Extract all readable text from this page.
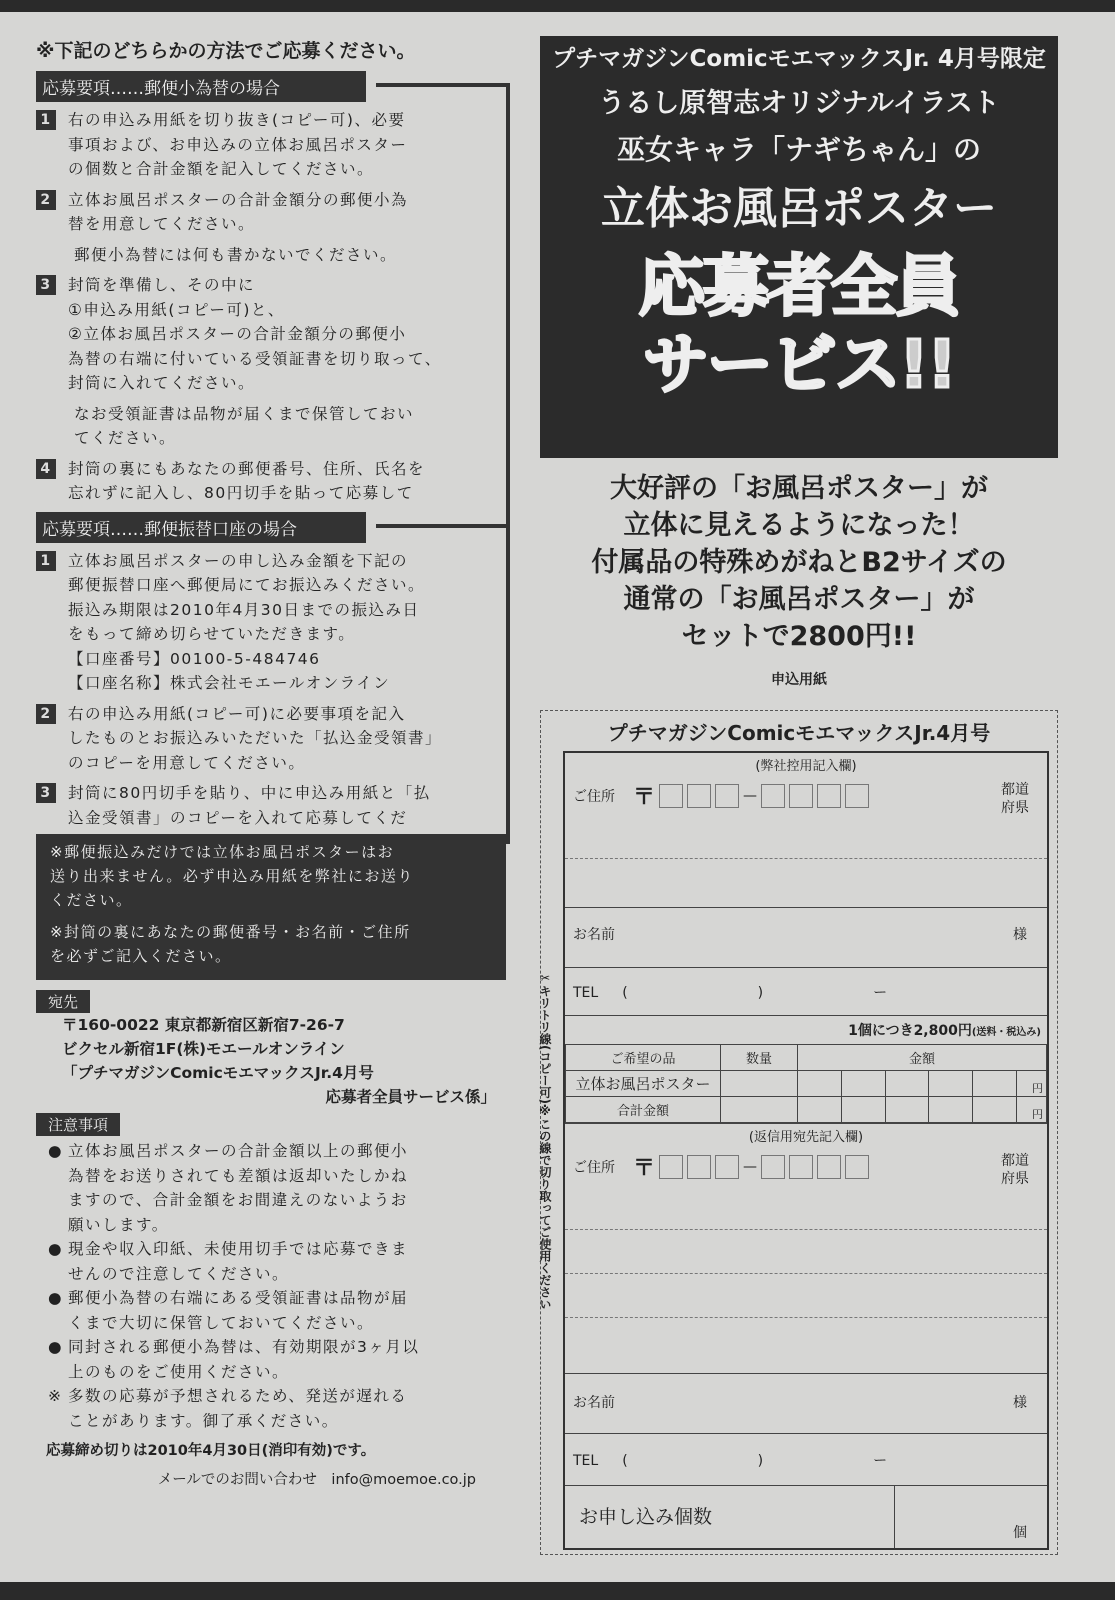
※下記のどちらかの方法でご応募ください。
応募要項……郵便小為替の場合
1 右の申込み用紙を切り抜き(コピー可)、必要
事項および、お申込みの立体お風呂ポスター
の個数と合計金額を記入してください。
2 立体お風呂ポスターの合計金額分の郵便小為
替を用意してください。
郵便小為替には何も書かないでください。
3 封筒を準備し、その中に
①申込み用紙(コピー可)と、
②立体お風呂ポスターの合計金額分の郵便小
為替の右端に付いている受領証書を切り取って、
封筒に入れてください。
なお受領証書は品物が届くまで保管しておい
てください。
4 封筒の裏にもあなたの郵便番号、住所、氏名を
忘れずに記入し、80円切手を貼って応募して
応募要項……郵便振替口座の場合
1 立体お風呂ポスターの申し込み金額を下記の
郵便振替口座へ郵便局にてお振込みください。
振込み期限は2010年4月30日までの振込み日
をもって締め切らせていただきます。
【口座番号】00100-5-484746
【口座名称】株式会社モエールオンライン
2 右の申込み用紙(コピー可)に必要事項を記入
したものとお振込みいただいた「払込金受領書」
のコピーを用意してください。
3 封筒に80円切手を貼り、中に申込み用紙と「払
込金受領書」のコピーを入れて応募してくだ

※郵便振込みだけでは立体お風呂ポスターはお
送り出来ません。必ず申込み用紙を弊社にお送り
ください。

※封筒の裏にあなたの郵便番号・お名前・ご住所
を必ずご記入ください。

宛先
〒160-0022 東京都新宿区新宿7-26-7
ビクセル新宿1F(株)モエールオンライン
「プチマガジンComicモエマックスJr.4月号
応募者全員サービス係」
注意事項
● 立体お風呂ポスターの合計金額以上の郵便小
為替をお送りされても差額は返却いたしかね
ますので、合計金額をお間違えのないようお
願いします。
● 現金や収入印紙、未使用切手では応募できま
せんので注意してください。
● 郵便小為替の右端にある受領証書は品物が届
くまで大切に保管しておいてください。
● 同封される郵便小為替は、有効期限が3ヶ月以
上のものをご使用ください。
※ 多数の応募が予想されるため、発送が遅れる
ことがあります。御了承ください。
応募締め切りは2010年4月30日(消印有効)です。
メールでのお問い合わせ　info@moemoe.co.jp
プチマガジンComicモエマックスJr. 4月号限定
うるし原智志オリジナルイラスト
巫女キャラ「ナギちゃん」の
立体お風呂ポスター
応募者全員
サービス!!
大好評の「お風呂ポスター」が
立体に見えるようになった！
付属品の特殊めがねとB2サイズの
通常の「お風呂ポスター」が
セットで2800円!!
申込用紙
プチマガジンComicモエマックスJr.4月号
✂キリトリ線(コピー可)※この線で切り取ってご使用ください
(弊社控用記入欄)
ご住所 〒	—	都道府県
お名前	様
TEL (	)	ー
1個につき2,800円(送料・税込み)
ご希望の品	数量	金額					
立体お風呂ポスター							円
合計金額							円
(返信用宛先記入欄)
ご住所 〒	—	都道府県
お名前	様
TEL (	)	ー
お申し込み個数
個
